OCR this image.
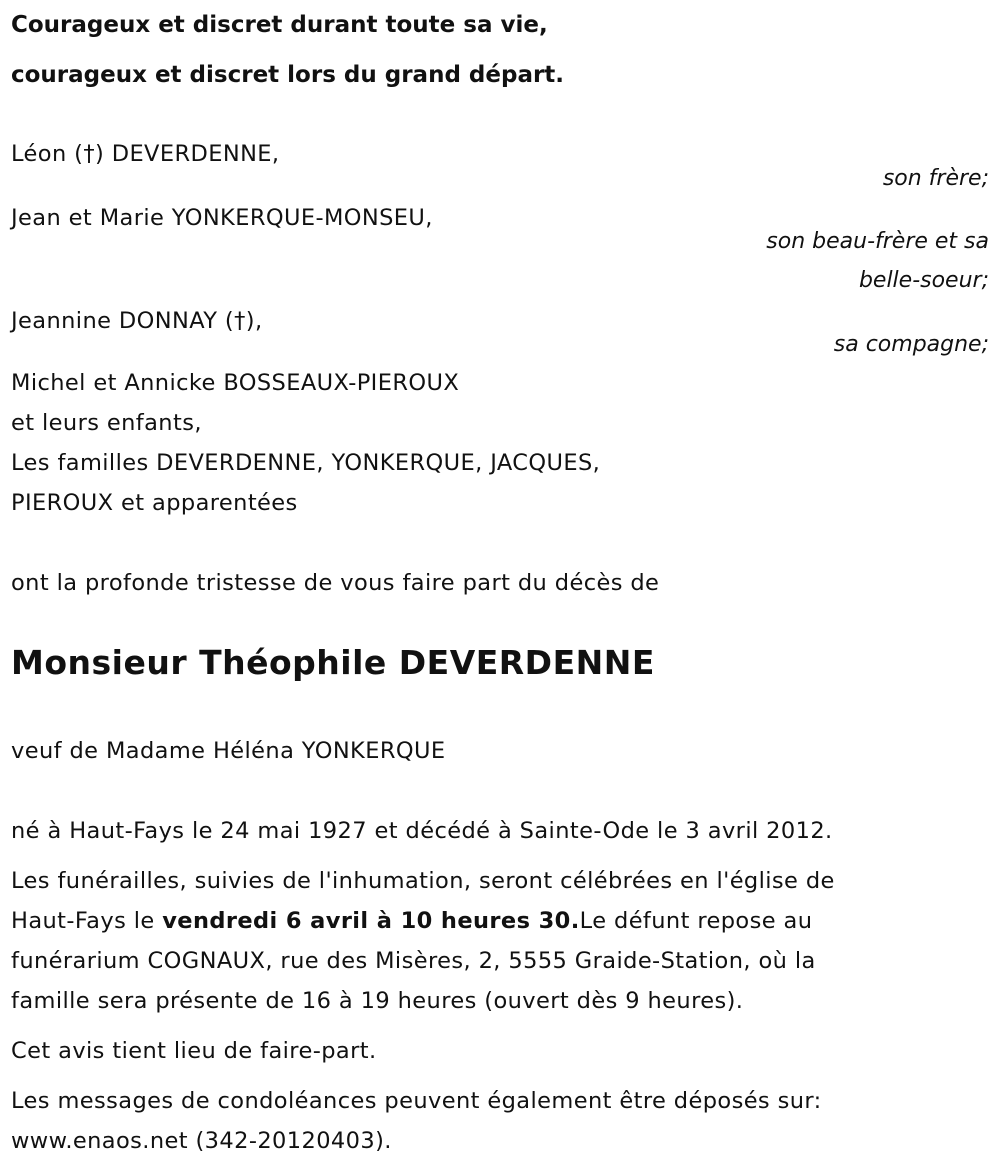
Courageux et discret durant toute sa vie,

courageux et discret lors du grand départ.

Léon (†) DEVERDENNE,

son frère;

Jean et Marie YONKERQUE-MONSEU,

son beau-frère et sa

belle-soeur;

Jeannine DONNAY (†),

sa compagne;

Michel et Annicke BOSSEAUX-PIEROUX

et leurs enfants,

Les familles DEVERDENNE, YONKERQUE, JACQUES,

PIEROUX et apparentées

ont la profonde tristesse de vous faire part du décès de

Monsieur Théophile DEVERDENNE

veuf de Madame Héléna YONKERQUE

né à Haut-Fays le 24 mai 1927 et décédé à Sainte-Ode le 3 avril 2012.

Les funérailles, suivies de l'inhumation, seront célébrées en l'église de

Haut-Fays le vendredi 6 avril à 10 heures 30.Le défunt repose au

funérarium COGNAUX, rue des Misères, 2, 5555 Graide-Station, où la

famille sera présente de 16 à 19 heures (ouvert dès 9 heures).

Cet avis tient lieu de faire-part.

Les messages de condoléances peuvent également être déposés sur:

www.enaos.net (342-20120403).
